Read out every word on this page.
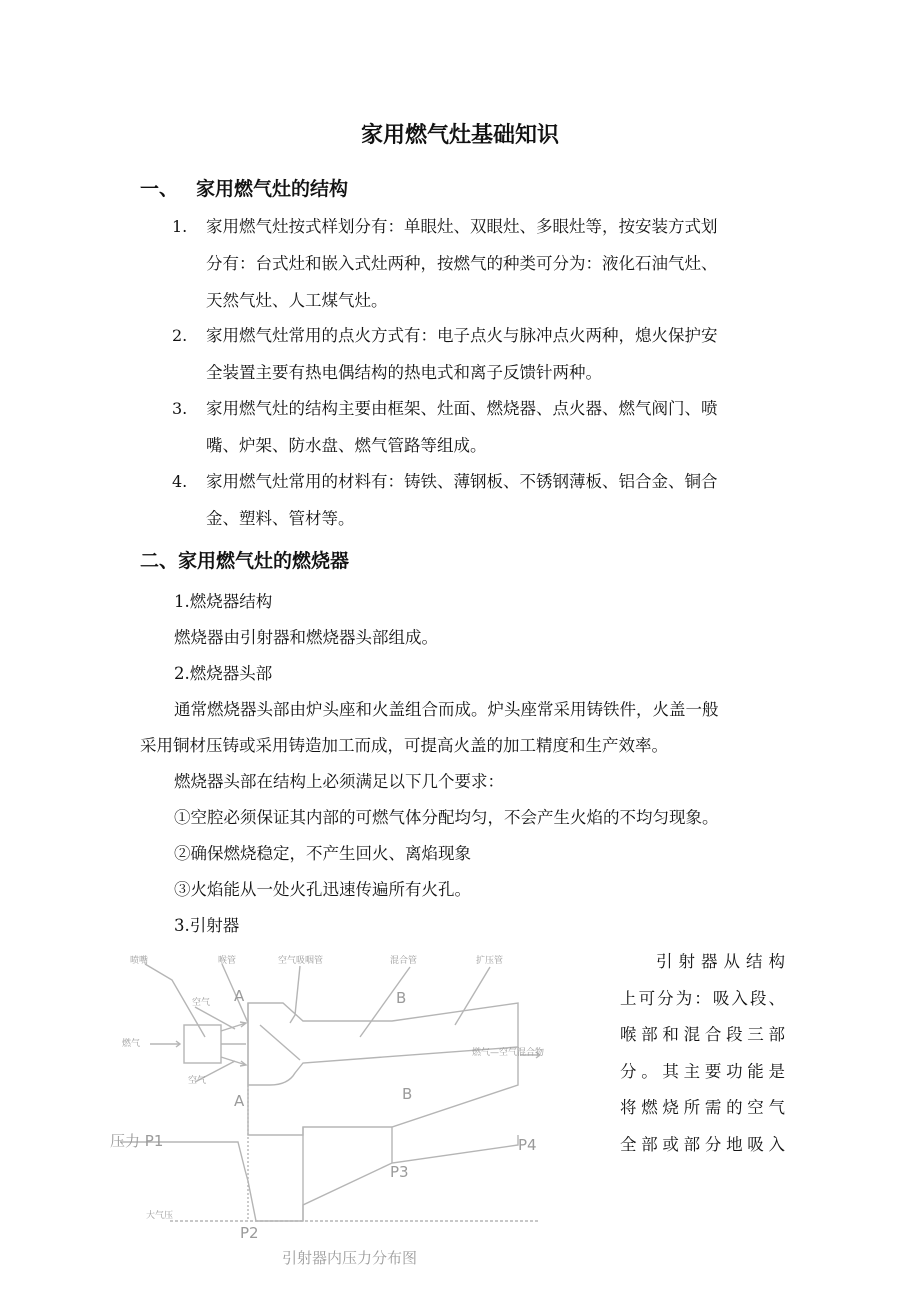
家用燃气灶基础知识
一、 家用燃气灶的结构
1. 家用燃气灶按式样划分有：单眼灶、双眼灶、多眼灶等，按安装方式划
分有：台式灶和嵌入式灶两种，按燃气的种类可分为：液化石油气灶、
天然气灶、人工煤气灶。
2. 家用燃气灶常用的点火方式有：电子点火与脉冲点火两种，熄火保护安
全装置主要有热电偶结构的热电式和离子反馈针两种。
3. 家用燃气灶的结构主要由框架、灶面、燃烧器、点火器、燃气阀门、喷
嘴、炉架、防水盘、燃气管路等组成。
4. 家用燃气灶常用的材料有：铸铁、薄钢板、不锈钢薄板、铝合金、铜合
金、塑料、管材等。
二、家用燃气灶的燃烧器
1.燃烧器结构
燃烧器由引射器和燃烧器头部组成。
2.燃烧器头部
通常燃烧器头部由炉头座和火盖组合而成。炉头座常采用铸铁件，火盖一般
采用铜材压铸或采用铸造加工而成，可提高火盖的加工精度和生产效率。
燃烧器头部在结构上必须满足以下几个要求：
①空腔必须保证其内部的可燃气体分配均匀，不会产生火焰的不均匀现象。
②确保燃烧稳定，不产生回火、离焰现象
③火焰能从一处火孔迅速传遍所有火孔。
3.引射器
引射器从结构
上可分为：吸入段、
喉部和混合段三部
分。其主要功能是
将燃烧所需的空气
全部或部分地吸入
喷嘴	喉管	空气吸咽管	混合管	扩压管
空气
空气
燃气
燃气—空气混合物
大气压
压力 P1
A
A
B
B
P2
P3
P4
引射器内压力分布图
